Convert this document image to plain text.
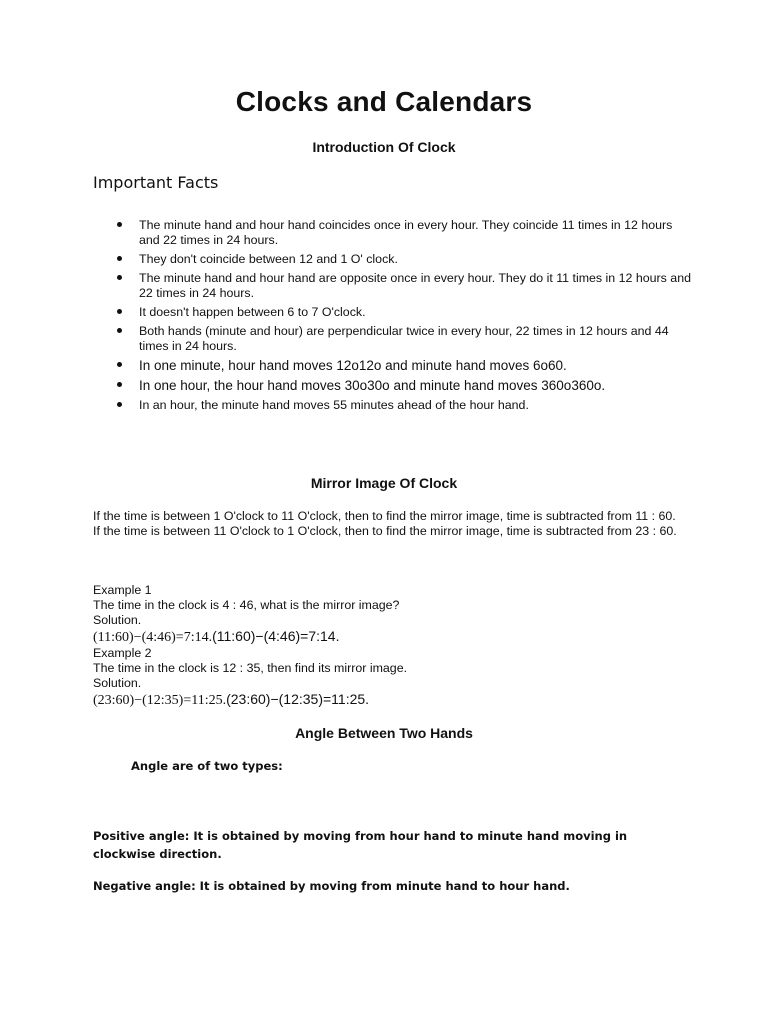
Clocks and Calendars
Introduction Of Clock
Important Facts
The minute hand and hour hand coincides once in every hour. They coincide 11 times in 12 hours and 22 times in 24 hours.
They don't coincide between 12 and 1 O' clock.
The minute hand and hour hand are opposite once in every hour. They do it 11 times in 12 hours and 22 times in 24 hours.
It doesn't happen between 6 to 7 O'clock.
Both hands (minute and hour) are perpendicular twice in every hour, 22 times in 12 hours and 44 times in 24 hours.
In one minute, hour hand moves 12o12o and minute hand moves 6o60.
In one hour, the hour hand moves 30o30o and minute hand moves 360o360o.
In an hour, the minute hand moves 55 minutes ahead of the hour hand.
Mirror Image Of Clock

If the time is between 1 O'clock to 11 O'clock, then to find the mirror image, time is subtracted from 11 : 60.

If the time is between 11 O'clock to 1 O'clock, then to find the mirror image, time is subtracted from 23 : 60.

Example 1

The time in the clock is 4 : 46, what is the mirror image?

Solution.

(11:60)−(4:46)=7:14.(11:60)−(4:46)=7:14.

Example 2

The time in the clock is 12 : 35, then find its mirror image.

Solution.

(23:60)−(12:35)=11:25.(23:60)−(12:35)=11:25.

Angle Between Two Hands
Angle are of two types:
Positive angle: It is obtained by moving from hour hand to minute hand moving in clockwise direction.
Negative angle: It is obtained by moving from minute hand to hour hand.
